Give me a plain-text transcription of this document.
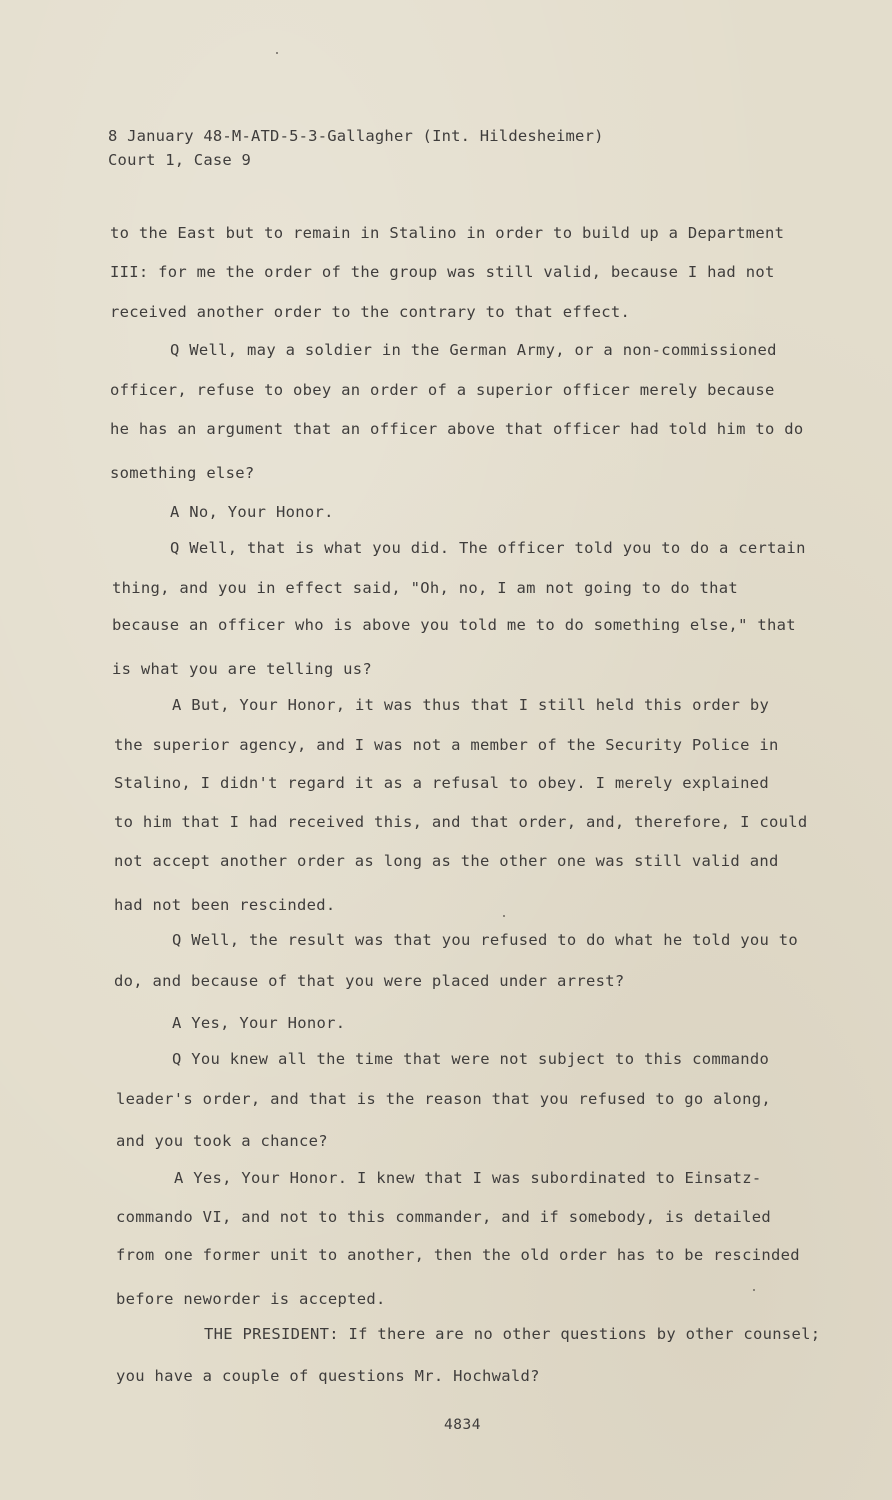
8 January 48-M-ATD-5-3-Gallagher (Int. Hildesheimer)
Court 1, Case 9
to the East but to remain in Stalino in order to build up a Department
III: for me the order of the group was still valid, because I had not
received another order to the contrary to that effect.
Q Well, may a soldier in the German Army, or a non-commissioned
officer, refuse to obey an order of a superior officer merely because
he has an argument that an officer above that officer had told him to do
something else?
A No, Your Honor.
Q Well, that is what you did. The officer told you to do a certain
thing, and you in effect said, "Oh, no, I am not going to do that
because an officer who is above you told me to do something else," that
is what you are telling us?
A But, Your Honor, it was thus that I still held this order by
the superior agency, and I was not a member of the Security Police in
Stalino, I didn't regard it as a refusal to obey. I merely explained
to him that I had received this, and that order, and, therefore, I could
not accept another order as long as the other one was still valid and
had not been rescinded.
Q Well, the result was that you refused to do what he told you to
do, and because of that you were placed under arrest?
A Yes, Your Honor.
Q You knew all the time that were not subject to this commando
leader's order, and that is the reason that you refused to go along,
and you took a chance?
A Yes, Your Honor. I knew that I was subordinated to Einsatz-
commando VI, and not to this commander, and if somebody, is detailed
from one former unit to another, then the old order has to be rescinded
before neworder is accepted.
THE PRESIDENT: If there are no other questions by other counsel;
you have a couple of questions Mr. Hochwald?
4834
